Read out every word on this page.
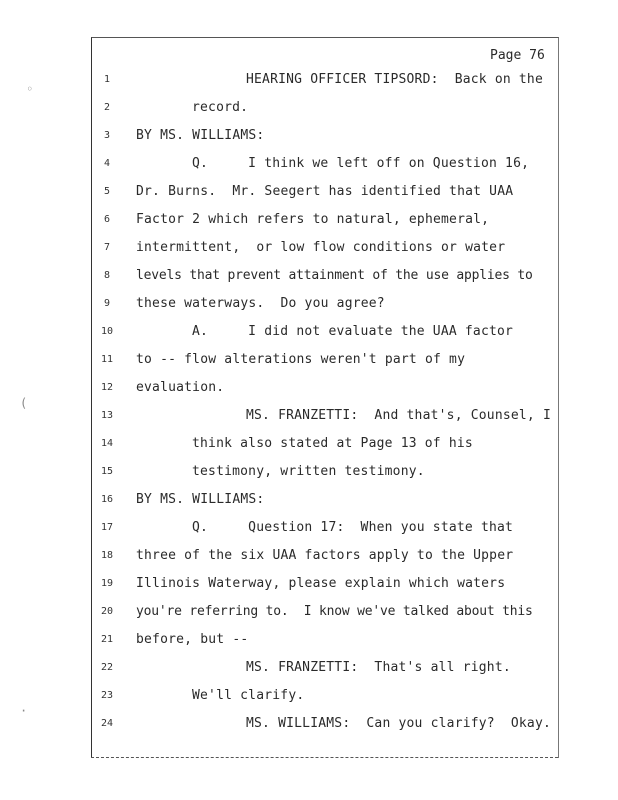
Page 76
◦
(
·
1	HEARING OFFICER TIPSORD:  Back on the
2	record.
3	BY MS. WILLIAMS:
4	Q.     I think we left off on Question 16,
5	Dr. Burns.  Mr. Seegert has identified that UAA
6	Factor 2 which refers to natural, ephemeral,
7	intermittent,  or low flow conditions or water
8	levels that prevent attainment of the use applies to
9	these waterways.  Do you agree?
10	A.     I did not evaluate the UAA factor
11	to -- flow alterations weren't part of my
12	evaluation.
13	MS. FRANZETTI:  And that's, Counsel, I
14	think also stated at Page 13 of his
15	testimony, written testimony.
16	BY MS. WILLIAMS:
17	Q.     Question 17:  When you state that
18	three of the six UAA factors apply to the Upper
19	Illinois Waterway, please explain which waters
20	you're referring to.  I know we've talked about this
21	before, but --
22	MS. FRANZETTI:  That's all right.
23	We'll clarify.
24	MS. WILLIAMS:  Can you clarify?  Okay.
